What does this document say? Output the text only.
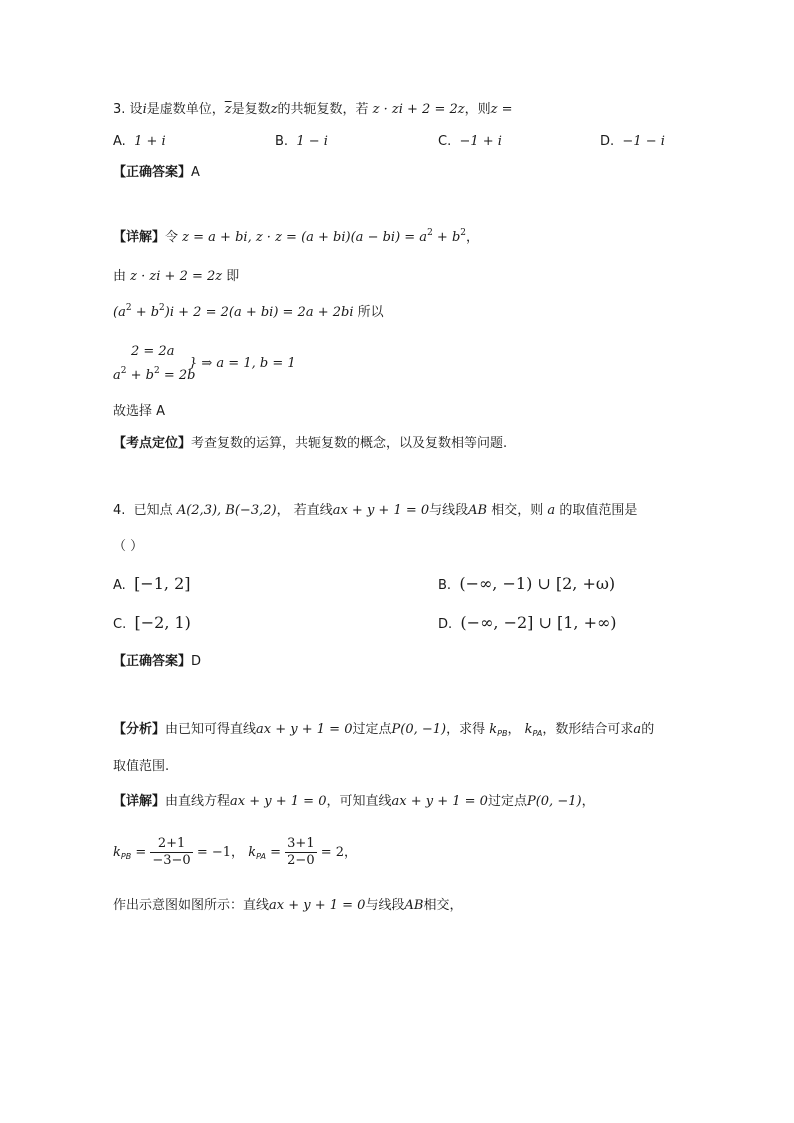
3. 设i是虚数单位，$\overline{z}$是复数z的共轭复数，若 z · zi + 2 = 2z，则z =
A. 1 + i	B. 1 − i	C. −1 + i	D. −1 − i
【正确答案】A
【详解】令 z = a + bi, $z \cdot z = (a + bi)(a - bi) = a^2 + b^2$，
由 z · zi + 2 = 2z 即
$(a^2 + b^2)i + 2 = 2(a + bi) = 2a + 2bi$ 所以
2 = 2a
$a^2 + b^2 = 2b$
} ⇒ a = 1, b = 1
故选择 A
【考点定位】考查复数的运算，共轭复数的概念，以及复数相等问题.
4. 已知点 A(2,3), B(−3,2)， 若直线ax + y + 1 = 0与线段AB 相交，则 a 的取值范围是
（ ）
A. [−1, 2]	B. (−∞, −1) ∪ [2, +ω)
C. [−2, 1)	D. (−∞, −2] ∪ [1, +∞)
【正确答案】D
【分析】由已知可得直线ax + y + 1 = 0过定点P(0, −1)，求得 $k_{PB}$， $k_{PA}$，数形结合可求a的
取值范围.
【详解】由直线方程ax + y + 1 = 0，可知直线ax + y + 1 = 0过定点P(0, −1)，
$k_{PB} = \frac{2+1}{-3-0} = -1$， $k_{PA} = \frac{3+1}{2-0} = 2$，
作出示意图如图所示：直线ax + y + 1 = 0与线段AB相交，
